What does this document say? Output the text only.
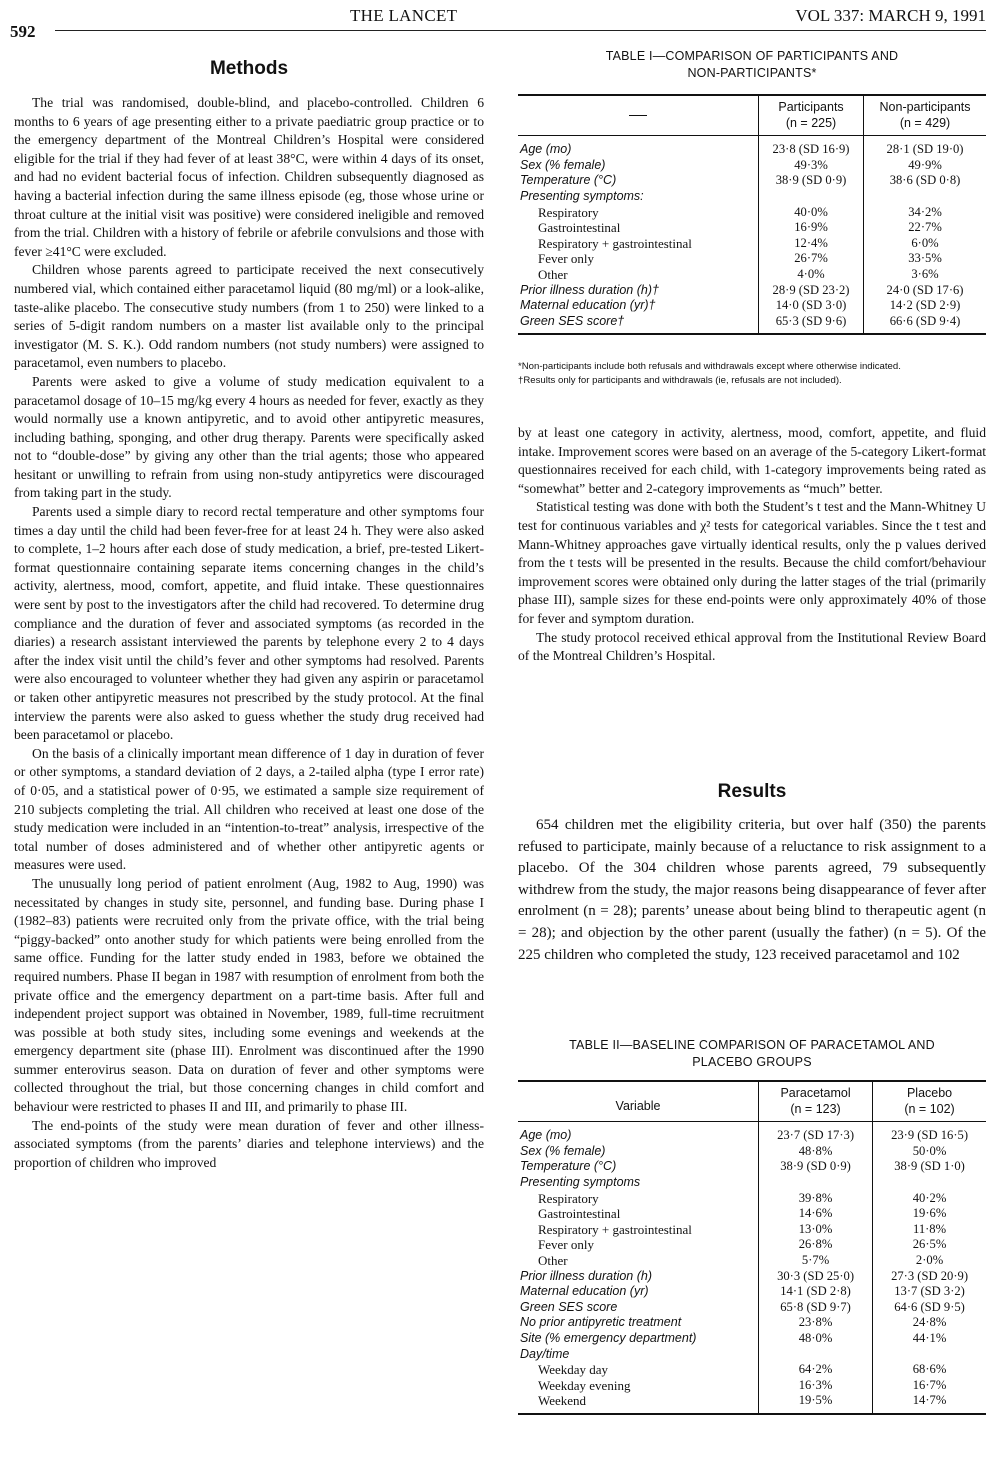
592
THE LANCET	VOL 337: MARCH 9, 1991
Methods

The trial was randomised, double-blind, and placebo-controlled. Children 6 months to 6 years of age presenting either to a private paediatric group practice or to the emergency department of the Montreal Children’s Hospital were considered eligible for the trial if they had fever of at least 38°C, were within 4 days of its onset, and had no evident bacterial focus of infection. Children subsequently diagnosed as having a bacterial infection during the same illness episode (eg, those whose urine or throat culture at the initial visit was positive) were considered ineligible and removed from the trial. Children with a history of febrile or afebrile convulsions and those with fever ≥41°C were excluded.

Children whose parents agreed to participate received the next consecutively numbered vial, which contained either paracetamol liquid (80 mg/ml) or a look-alike, taste-alike placebo. The consecutive study numbers (from 1 to 250) were linked to a series of 5-digit random numbers on a master list available only to the principal investigator (M. S. K.). Odd random numbers (not study numbers) were assigned to paracetamol, even numbers to placebo.

Parents were asked to give a volume of study medication equivalent to a paracetamol dosage of 10–15 mg/kg every 4 hours as needed for fever, exactly as they would normally use a known antipyretic, and to avoid other antipyretic measures, including bathing, sponging, and other drug therapy. Parents were specifically asked not to “double-dose” by giving any other than the trial agents; those who appeared hesitant or unwilling to refrain from using non-study antipyretics were discouraged from taking part in the study.

Parents used a simple diary to record rectal temperature and other symptoms four times a day until the child had been fever-free for at least 24 h. They were also asked to complete, 1–2 hours after each dose of study medication, a brief, pre-tested Likert-format questionnaire containing separate items concerning changes in the child’s activity, alertness, mood, comfort, appetite, and fluid intake. These questionnaires were sent by post to the investigators after the child had recovered. To determine drug compliance and the duration of fever and associated symptoms (as recorded in the diaries) a research assistant interviewed the parents by telephone every 2 to 4 days after the index visit until the child’s fever and other symptoms had resolved. Parents were also encouraged to volunteer whether they had given any aspirin or paracetamol or taken other antipyretic measures not prescribed by the study protocol. At the final interview the parents were also asked to guess whether the study drug received had been paracetamol or placebo.

On the basis of a clinically important mean difference of 1 day in duration of fever or other symptoms, a standard deviation of 2 days, a 2-tailed alpha (type I error rate) of 0·05, and a statistical power of 0·95, we estimated a sample size requirement of 210 subjects completing the trial. All children who received at least one dose of the study medication were included in an “intention-to-treat” analysis, irrespective of the total number of doses administered and of whether other antipyretic agents or measures were used.

The unusually long period of patient enrolment (Aug, 1982 to Aug, 1990) was necessitated by changes in study site, personnel, and funding base. During phase I (1982–83) patients were recruited only from the private office, with the trial being “piggy-backed” onto another study for which patients were being enrolled from the same office. Funding for the latter study ended in 1983, before we obtained the required numbers. Phase II began in 1987 with resumption of enrolment from both the private office and the emergency department on a part-time basis. After full and independent project support was obtained in November, 1989, full-time recruitment was possible at both study sites, including some evenings and weekends at the emergency department site (phase III). Enrolment was discontinued after the 1990 summer enterovirus season. Data on duration of fever and other symptoms were collected throughout the trial, but those concerning changes in child comfort and behaviour were restricted to phases II and III, and primarily to phase III.

The end-points of the study were mean duration of fever and other illness-associated symptoms (from the parents’ diaries and telephone interviews) and the proportion of children who improved

TABLE I—COMPARISON OF PARTICIPANTS AND
NON-PARTICIPANTS*

Participants
(n = 225)

Non-participants
(n = 429)

Age (mo)	23·8 (SD 16·9)	28·1 (SD 19·0)
Sex (% female)	49·3%	49·9%
Temperature (°C)	38·9 (SD 0·9)	38·6 (SD 0·8)
Presenting symptoms:		
Respiratory	40·0%	34·2%
Gastrointestinal	16·9%	22·7%
Respiratory + gastrointestinal	12·4%	6·0%
Fever only	26·7%	33·5%
Other	4·0%	3·6%
Prior illness duration (h)†	28·9 (SD 23·2)	24·0 (SD 17·6)
Maternal education (yr)†	14·0 (SD 3·0)	14·2 (SD 2·9)
Green SES score†	65·3 (SD 9·6)	66·6 (SD 9·4)
*Non-participants include both refusals and withdrawals except where otherwise indicated.
†Results only for participants and withdrawals (ie, refusals are not included).

by at least one category in activity, alertness, mood, comfort, appetite, and fluid intake. Improvement scores were based on an average of the 5-category Likert-format questionnaires received for each child, with 1-category improvements being rated as “somewhat” better and 2-category improvements as “much” better.

Statistical testing was done with both the Student’s t test and the Mann-Whitney U test for continuous variables and χ² tests for categorical variables. Since the t test and Mann-Whitney approaches gave virtually identical results, only the p values derived from the t tests will be presented in the results. Because the child comfort/behaviour improvement scores were obtained only during the latter stages of the trial (primarily phase III), sample sizes for these end-points were only approximately 40% of those for fever and symptom duration.

The study protocol received ethical approval from the Institutional Review Board of the Montreal Children’s Hospital.

Results

654 children met the eligibility criteria, but over half (350) the parents refused to participate, mainly because of a reluctance to risk assignment to a placebo. Of the 304 children whose parents agreed, 79 subsequently withdrew from the study, the major reasons being disappearance of fever after enrolment (n = 28); parents’ unease about being blind to therapeutic agent (n = 28); and objection by the other parent (usually the father) (n = 5). Of the 225 children who completed the study, 123 received paracetamol and 102

TABLE II—BASELINE COMPARISON OF PARACETAMOL AND
PLACEBO GROUPS
Variable	
Paracetamol
(n = 123)

Placebo
(n = 102)

Age (mo)	23·7 (SD 17·3)	23·9 (SD 16·5)
Sex (% female)	48·8%	50·0%
Temperature (°C)	38·9 (SD 0·9)	38·9 (SD 1·0)
Presenting symptoms		
Respiratory	39·8%	40·2%
Gastrointestinal	14·6%	19·6%
Respiratory + gastrointestinal	13·0%	11·8%
Fever only	26·8%	26·5%
Other	5·7%	2·0%
Prior illness duration (h)	30·3 (SD 25·0)	27·3 (SD 20·9)
Maternal education (yr)	14·1 (SD 2·8)	13·7 (SD 3·2)
Green SES score	65·8 (SD 9·7)	64·6 (SD 9·5)
No prior antipyretic treatment	23·8%	24·8%
Site (% emergency department)	48·0%	44·1%
Day/time		
Weekday day	64·2%	68·6%
Weekday evening	16·3%	16·7%
Weekend	19·5%	14·7%
